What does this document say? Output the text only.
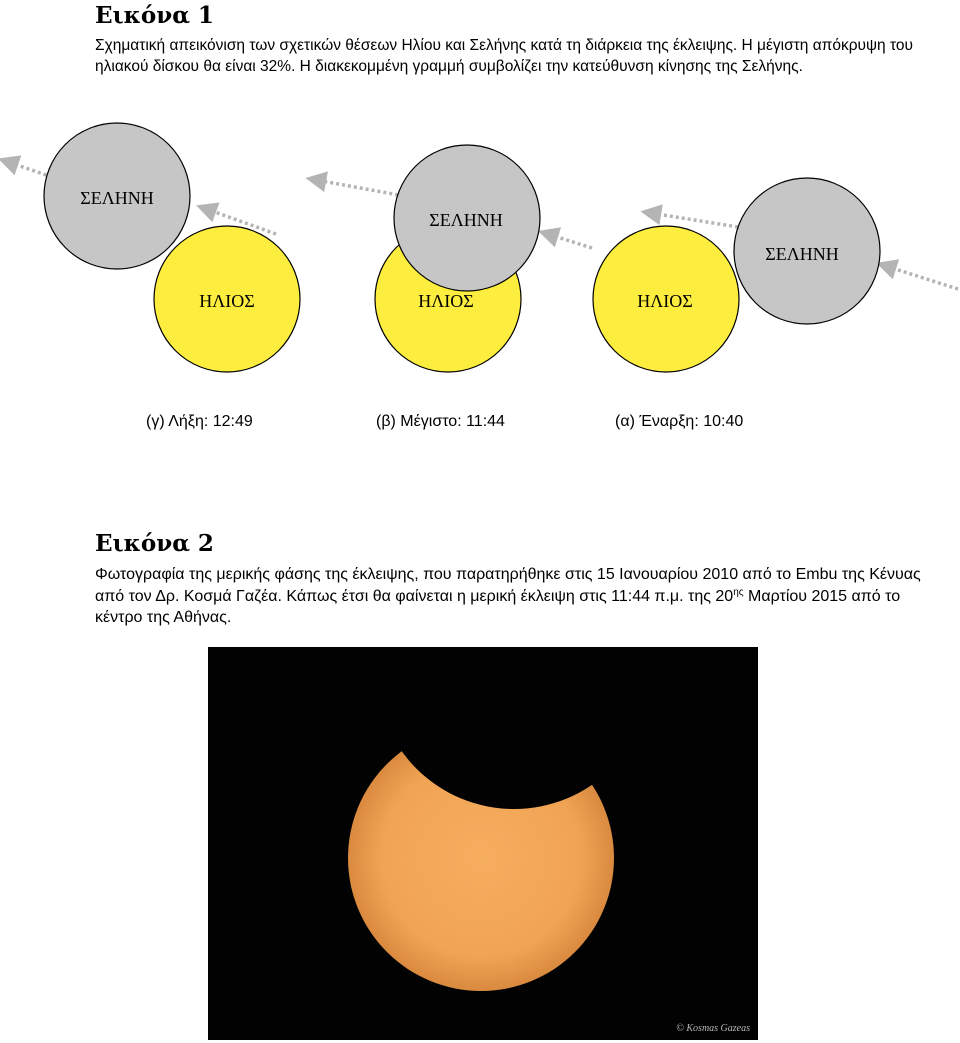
Εικόνα 1

Σχηματική απεικόνιση των σχετικών θέσεων Ηλίου και Σελήνης κατά τη διάρκεια της έκλειψης. Η μέγιστη απόκρυψη του ηλιακού δίσκου θα είναι 32%. Η διακεκομμένη γραμμή συμβολίζει την κατεύθυνση κίνησης της Σελήνης.

ΣΕΛΗΝΗ
ΗΛΙΟΣ
ΣΕΛΗΝΗ
ΗΛΙΟΣ
ΣΕΛΗΝΗ
ΗΛΙΟΣ
(γ) Λήξη: 12:49	(β) Μέγιστο: 11:44	(α) Έναρξη: 10:40
Εικόνα 2

Φωτογραφία της μερικής φάσης της έκλειψης, που παρατηρήθηκε στις 15 Ιανουαρίου 2010 από το Embu της Κένυας από τον Δρ. Κοσμά Γαζέα. Κάπως έτσι θα φαίνεται η μερική έκλειψη στις 11:44 π.μ. της $20^{\eta\varsigma}$ Μαρτίου 2015 από το κέντρο της Αθήνας.

© Kosmas Gazeas
